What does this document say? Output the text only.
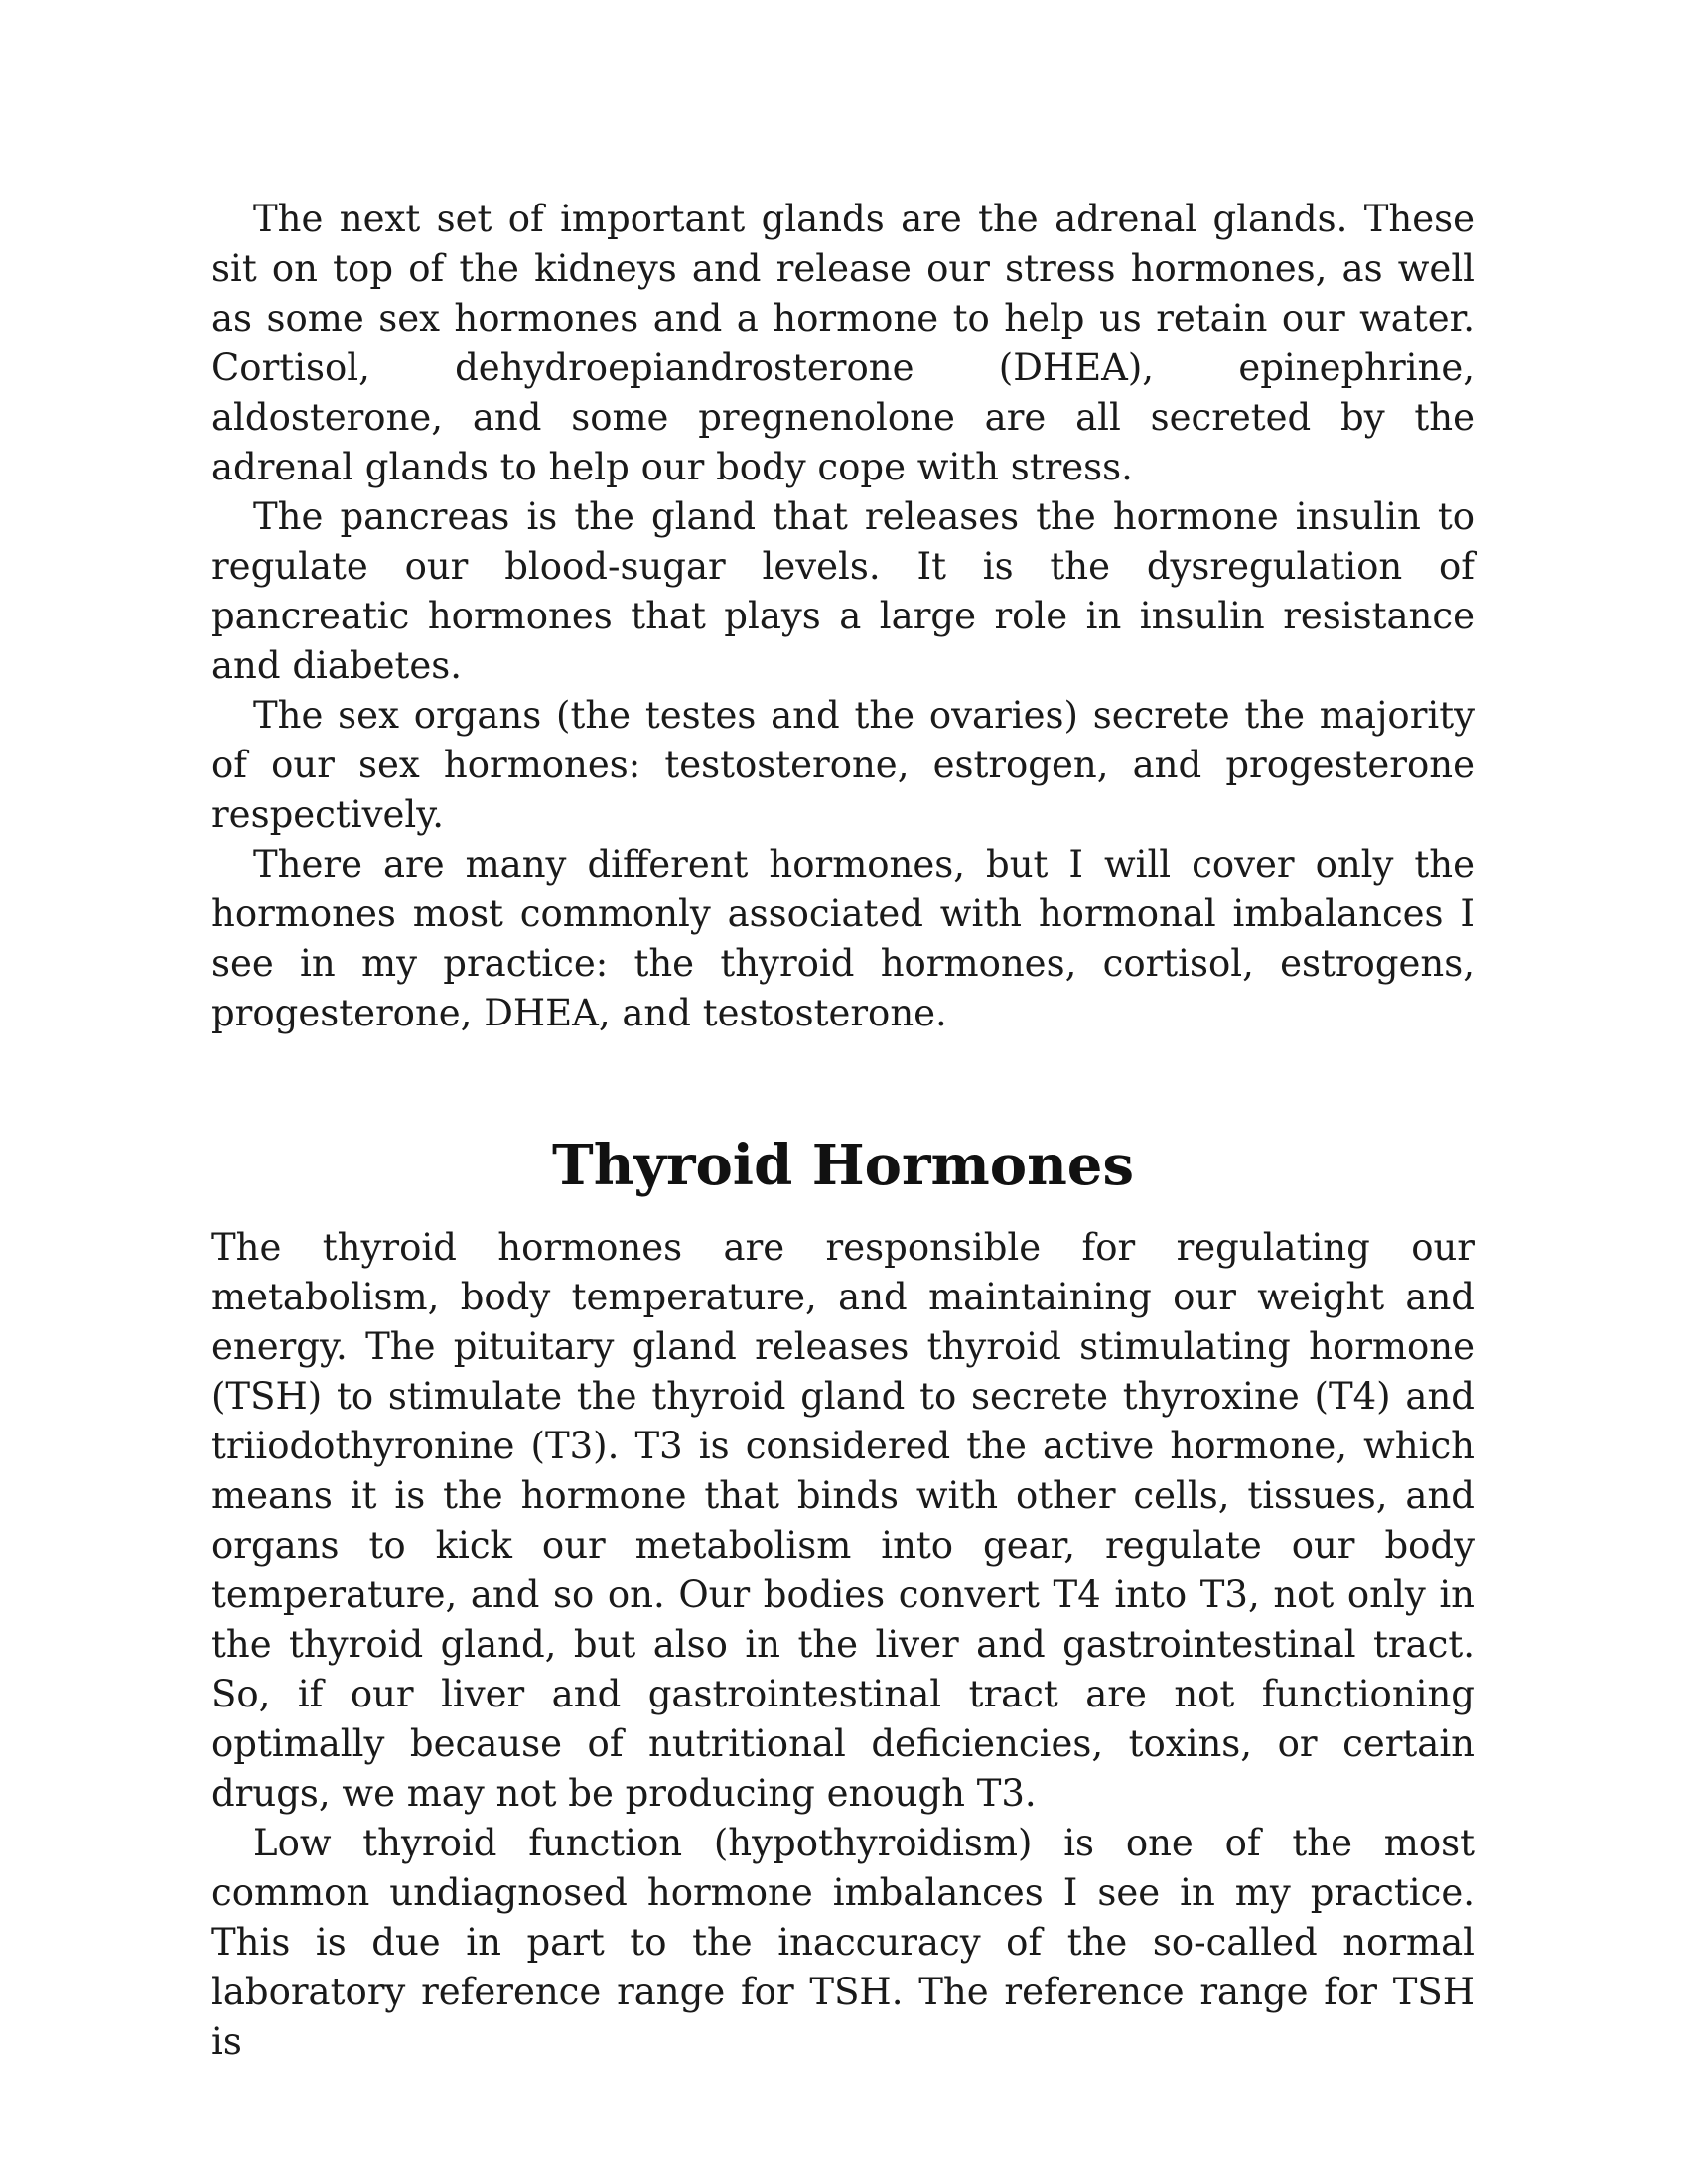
The next set of important glands are the adrenal glands. These sit on top of the kidneys and release our stress hormones, as well as some sex hormones and a hormone to help us retain our water. Cortisol, dehydroepiandrosterone (DHEA), epinephrine, aldosterone, and some pregnenolone are all secreted by the adrenal glands to help our body cope with stress.

The pancreas is the gland that releases the hormone insulin to regulate our blood-sugar levels. It is the dysregulation of pancreatic hormones that plays a large role in insulin resistance and diabetes.

The sex organs (the testes and the ovaries) secrete the majority of our sex hormones: testosterone, estrogen, and progesterone respectively.

There are many different hormones, but I will cover only the hormones most commonly associated with hormonal imbalances I see in my practice: the thyroid hormones, cortisol, estrogens, progesterone, DHEA, and testosterone.

Thyroid Hormones

The thyroid hormones are responsible for regulating our metabolism, body temperature, and maintaining our weight and energy. The pituitary gland releases thyroid stimulating hormone (TSH) to stimulate the thyroid gland to secrete thyroxine (T4) and triiodothyronine (T3). T3 is considered the active hormone, which means it is the hormone that binds with other cells, tissues, and organs to kick our metabolism into gear, regulate our body temperature, and so on. Our bodies convert T4 into T3, not only in the thyroid gland, but also in the liver and gastrointestinal tract. So, if our liver and gastrointestinal tract are not functioning optimally because of nutritional deficiencies, toxins, or certain drugs, we may not be producing enough T3.

Low thyroid function (hypothyroidism) is one of the most common undiagnosed hormone imbalances I see in my practice. This is due in part to the inaccuracy of the so-called normal laboratory reference range for TSH. The reference range for TSH is
